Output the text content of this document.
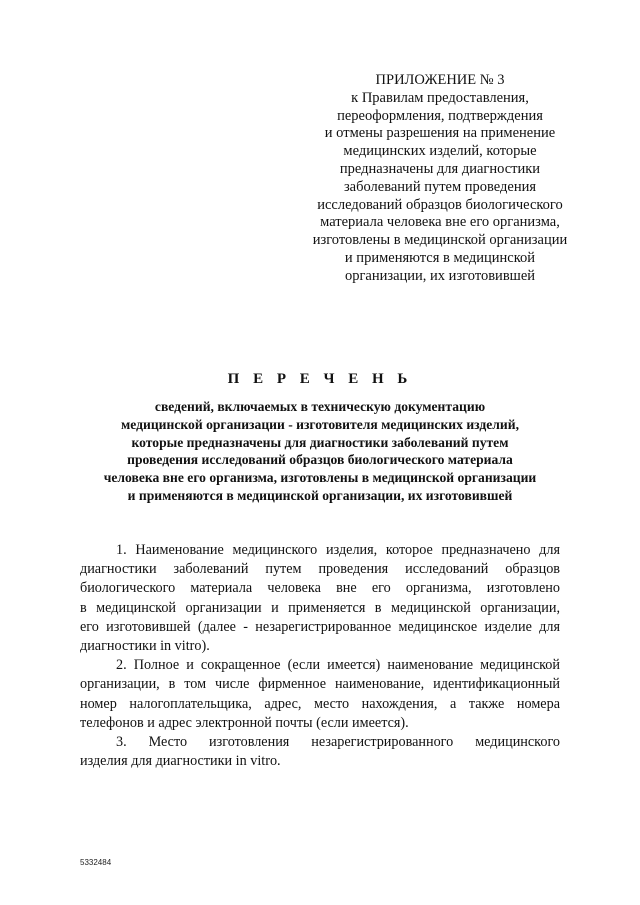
ПРИЛОЖЕНИЕ № 3
к Правилам предоставления,
переоформления, подтверждения
и отмены разрешения на применение
медицинских изделий, которые
предназначены для диагностики
заболеваний путем проведения
исследований образцов биологического
материала человека вне его организма,
изготовлены в медицинской организации
и применяются в медицинской
организации, их изготовившей
П Е Р Е Ч Е Н Ь
сведений, включаемых в техническую документацию
медицинской организации - изготовителя медицинских изделий,
которые предназначены для диагностики заболеваний путем
проведения исследований образцов биологического материала
человека вне его организма, изготовлены в медицинской организации
и применяются в медицинской организации, их изготовившей
1. Наименование медицинского изделия, которое предназначено для
диагностики заболеваний путем проведения исследований образцов
биологического материала человека вне его организма, изготовлено
в медицинской организации и применяется в медицинской организации,
его изготовившей (далее - незарегистрированное медицинское изделие для
диагностики in vitro).
2. Полное и сокращенное (если имеется) наименование медицинской
организации, в том числе фирменное наименование, идентификационный
номер налогоплательщика, адрес, место нахождения, а также номера
телефонов и адрес электронной почты (если имеется).
3. Место изготовления незарегистрированного медицинского
изделия для диагностики in vitro.
5332484
